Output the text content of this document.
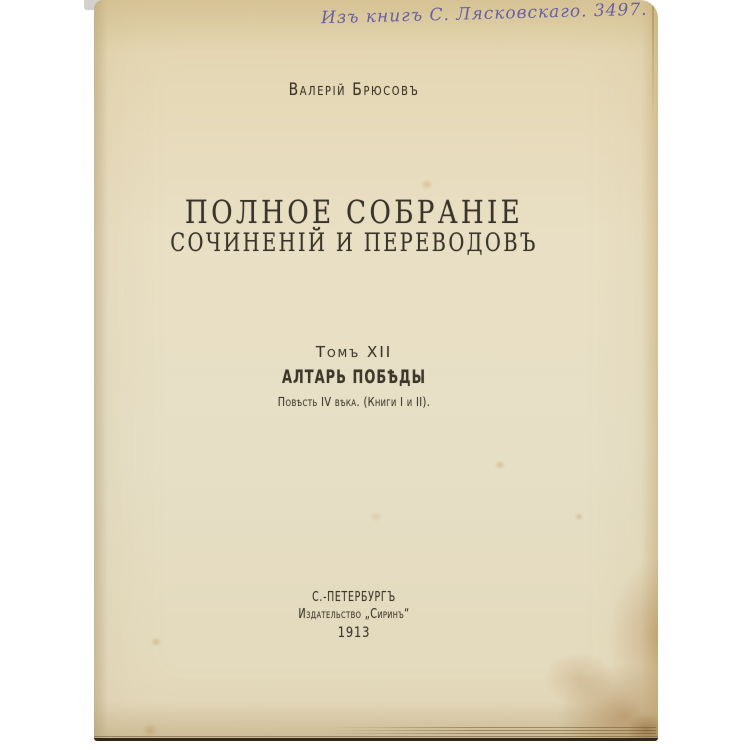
Изъ книгъ С. Лясковскаго. 3497.
Валерій Брюсовъ
ПОЛНОЕ СОБРАНІЕ
СОЧИНЕНІЙ И ПЕРЕВОДОВЪ
Томъ XII
АЛТАРЬ ПОБѢДЫ
Повѣсть IV вѣка. (Книги I и II).
С.-ПЕТЕРБУРГЪ
Издательство „Сиринъ“
1913
